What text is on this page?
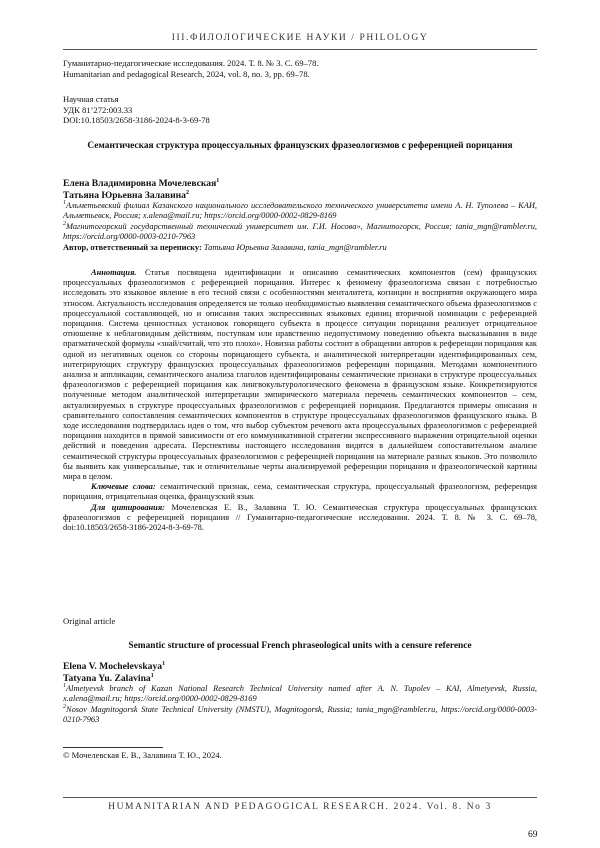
III.ФИЛОЛОГИЧЕСКИЕ НАУКИ / PHILOLOGY

Гуманитарно-педагогические исследования. 2024. Т. 8. № 3. С. 69–78.

Humanitarian and pedagogical Research, 2024, vol. 8, no. 3, pp. 69–78.

Научная статья

УДК 81’272:003.33

DOI:10.18503/2658-3186-2024-8-3-69-78

Семантическая структура процессуальных французских фразеологизмов с референцией порицания
Елена Владимировна Мочелевская$^1$
Татьяна Юрьевна Залавина$^2$
$^1$Альметьевский филиал Казанского национального исследовательского технического университета имени А. Н. Туполева – КАИ, Альметьевск, Россия; x.alena@mail.ru; https://orcid.org/0000-0002-0829-8169
$^2$Магнитогорский государственный технический университет им. Г.И. Носова», Магнитогорск, Россия; tania_mgn@rambler.ru, https://orcid.org/0000-0003-0210-7963
Автор, ответственный за переписку: Татьяна Юрьевна Залавина, tania_mgn@rambler.ru

Аннотация. Статья посвящена идентификации и описанию семантических компонентов (сем) французских процессуальных фразеологизмов с референцией порицания. Интерес к феномену фразеологизма связан с потребностью исследовать это языковое явление в его тесной связи с особенностями менталитета, когниции и восприятия окружающего мира этносом. Актуальность исследования определяется не только необходимостью выявления семантического объема фразеологизмов с процессуальной составляющей, но и описания таких экспрессивных языковых единиц вторичной номинации с референцией порицания. Система ценностных установок говорящего субъекта в процессе ситуации порицания реализует отрицательное отношение к неблаговидным действиям, поступкам или нравственно недопустимому поведению объекта высказывания в виде прагматической формулы «знай/считай, что это плохо». Новизна работы состоит в обращении авторов к референции порицания как одной из негативных оценок со стороны порицающего субъекта, и аналитической интерпретации идентифицированных сем, интегрирующих структуру французских процессуальных фразеологизмов референции порицания. Методами компонентного анализа и аппликации, семантического анализа глаголов идентифицированы семантические признаки в структуре процессуальных фразеологизмов с референцией порицания как лингвокультурологического феномена в французском языке. Конкретизируются полученные методом аналитической интерпретации эмпирического материала перечень семантических компонентов – сем, актуализируемых в структуре процессуальных фразеологизмов с референцией порицания. Предлагаются примеры описания и сравнительного сопоставления семантических компонентов в структуре процессуальных фразеологизмов французского языка. В ходе исследования подтвердилась идея о том, что выбор субъектом речевого акта процессуальных фразеологизмов с референцией порицания находится в прямой зависимости от его коммуникативной стратегии экспрессивного выражения отрицательной оценки действий и поведения адресата. Перспективы настоящего исследования видятся в дальнейшем сопоставительном анализе семантической структуры процессуальных фразеологизмов с референцией порицания на материале разных языков. Это позволило бы выявить как универсальные, так и отличительные черты анализируемой референции порицания и фразеологической картины мира в целом.

Ключевые слова: семантический признак, сема, семантическая структура, процессуальный фразеологизм, референция порицания, отрицательная оценка, французский язык

Для цитирования: Мочелевская Е. В., Залавина Т. Ю. Семантическая структура процессуальных французских фразеологизмов с референцией порицания // Гуманитарно-педагогические исследования. 2024. Т. 8. № 3. С. 69–78, doi:10.18503/2658-3186-2024-8-3-69-78.

Original article
Semantic structure of processual French phraseological units with a censure reference
Elena V. Mochelevskaya$^1$
Tatyana Yu. Zalavina$^1$
$^1$Almetyevsk branch of Kazan National Research Technical University named after A. N. Tupolev – KAI, Almetyevsk, Russia, x.alena@mail.ru; https://orcid.org/0000-0002-0829-8169
$^2$Nosov Magnitogorsk State Technical University (NMSTU), Magnitogorsk, Russia; tania_mgn@rambler.ru, https://orcid.org/0000-0003-0210-7963
© Мочелевская Е. В., Залавина Т. Ю., 2024.
HUMANITARIAN AND PEDAGOGICAL RESEARCH. 2024. Vol. 8. No 3
69
